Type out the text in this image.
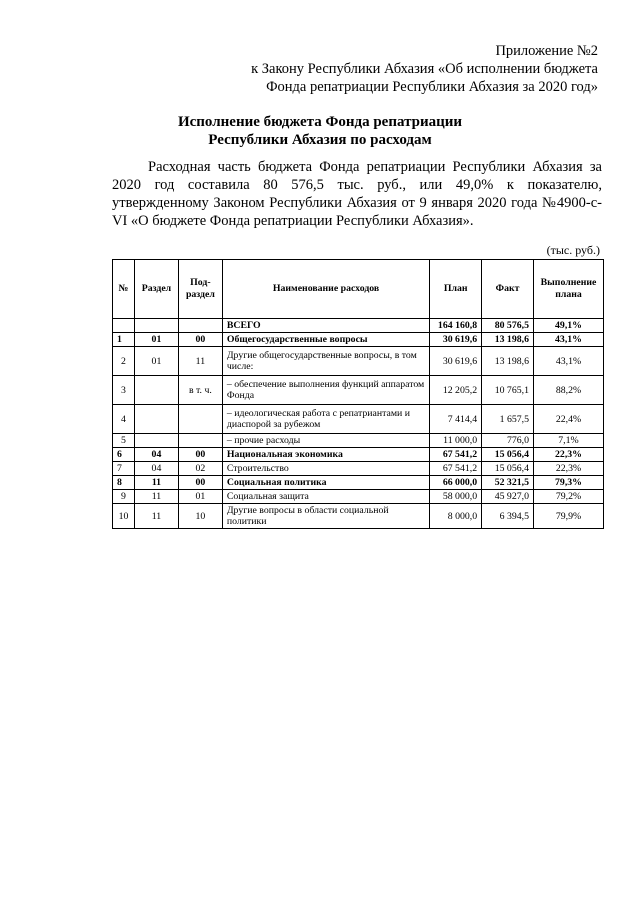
Приложение №2
к Закону Республики Абхазия «Об исполнении бюджета
Фонда репатриации Республики Абхазия за 2020 год»
Исполнение бюджета Фонда репатриации
Республики Абхазия по расходам
Расходная часть бюджета Фонда репатриации Республики Абхазия за 2020 год составила 80 576,5 тыс. руб., или 49,0% к показателю, утвержденному Законом Республики Абхазия от 9 января 2020 года №4900-с-VI «О бюджете Фонда репатриации Республики Абхазия».
(тыс. руб.)
№	Раздел	Под-раздел	Наименование расходов	План	Факт	Выполнение плана
			ВСЕГО	164 160,8	80 576,5	49,1%
1	01	00	Общегосударственные вопросы	30 619,6	13 198,6	43,1%
2	01	11	Другие общегосударственные вопросы, в том числе:	30 619,6	13 198,6	43,1%
3		в т. ч.	– обеспечение выполнения функций аппаратом Фонда	12 205,2	10 765,1	88,2%
4			– идеологическая работа с репатриантами и диаспорой за рубежом	7 414,4	1 657,5	22,4%
5			– прочие расходы	11 000,0	776,0	7,1%
6	04	00	Национальная экономика	67 541,2	15 056,4	22,3%
7	04	02	Строительство	67 541,2	15 056,4	22,3%
8	11	00	Социальная политика	66 000,0	52 321,5	79,3%
9	11	01	Социальная защита	58 000,0	45 927,0	79,2%
10	11	10	Другие вопросы в области социальной политики	8 000,0	6 394,5	79,9%
